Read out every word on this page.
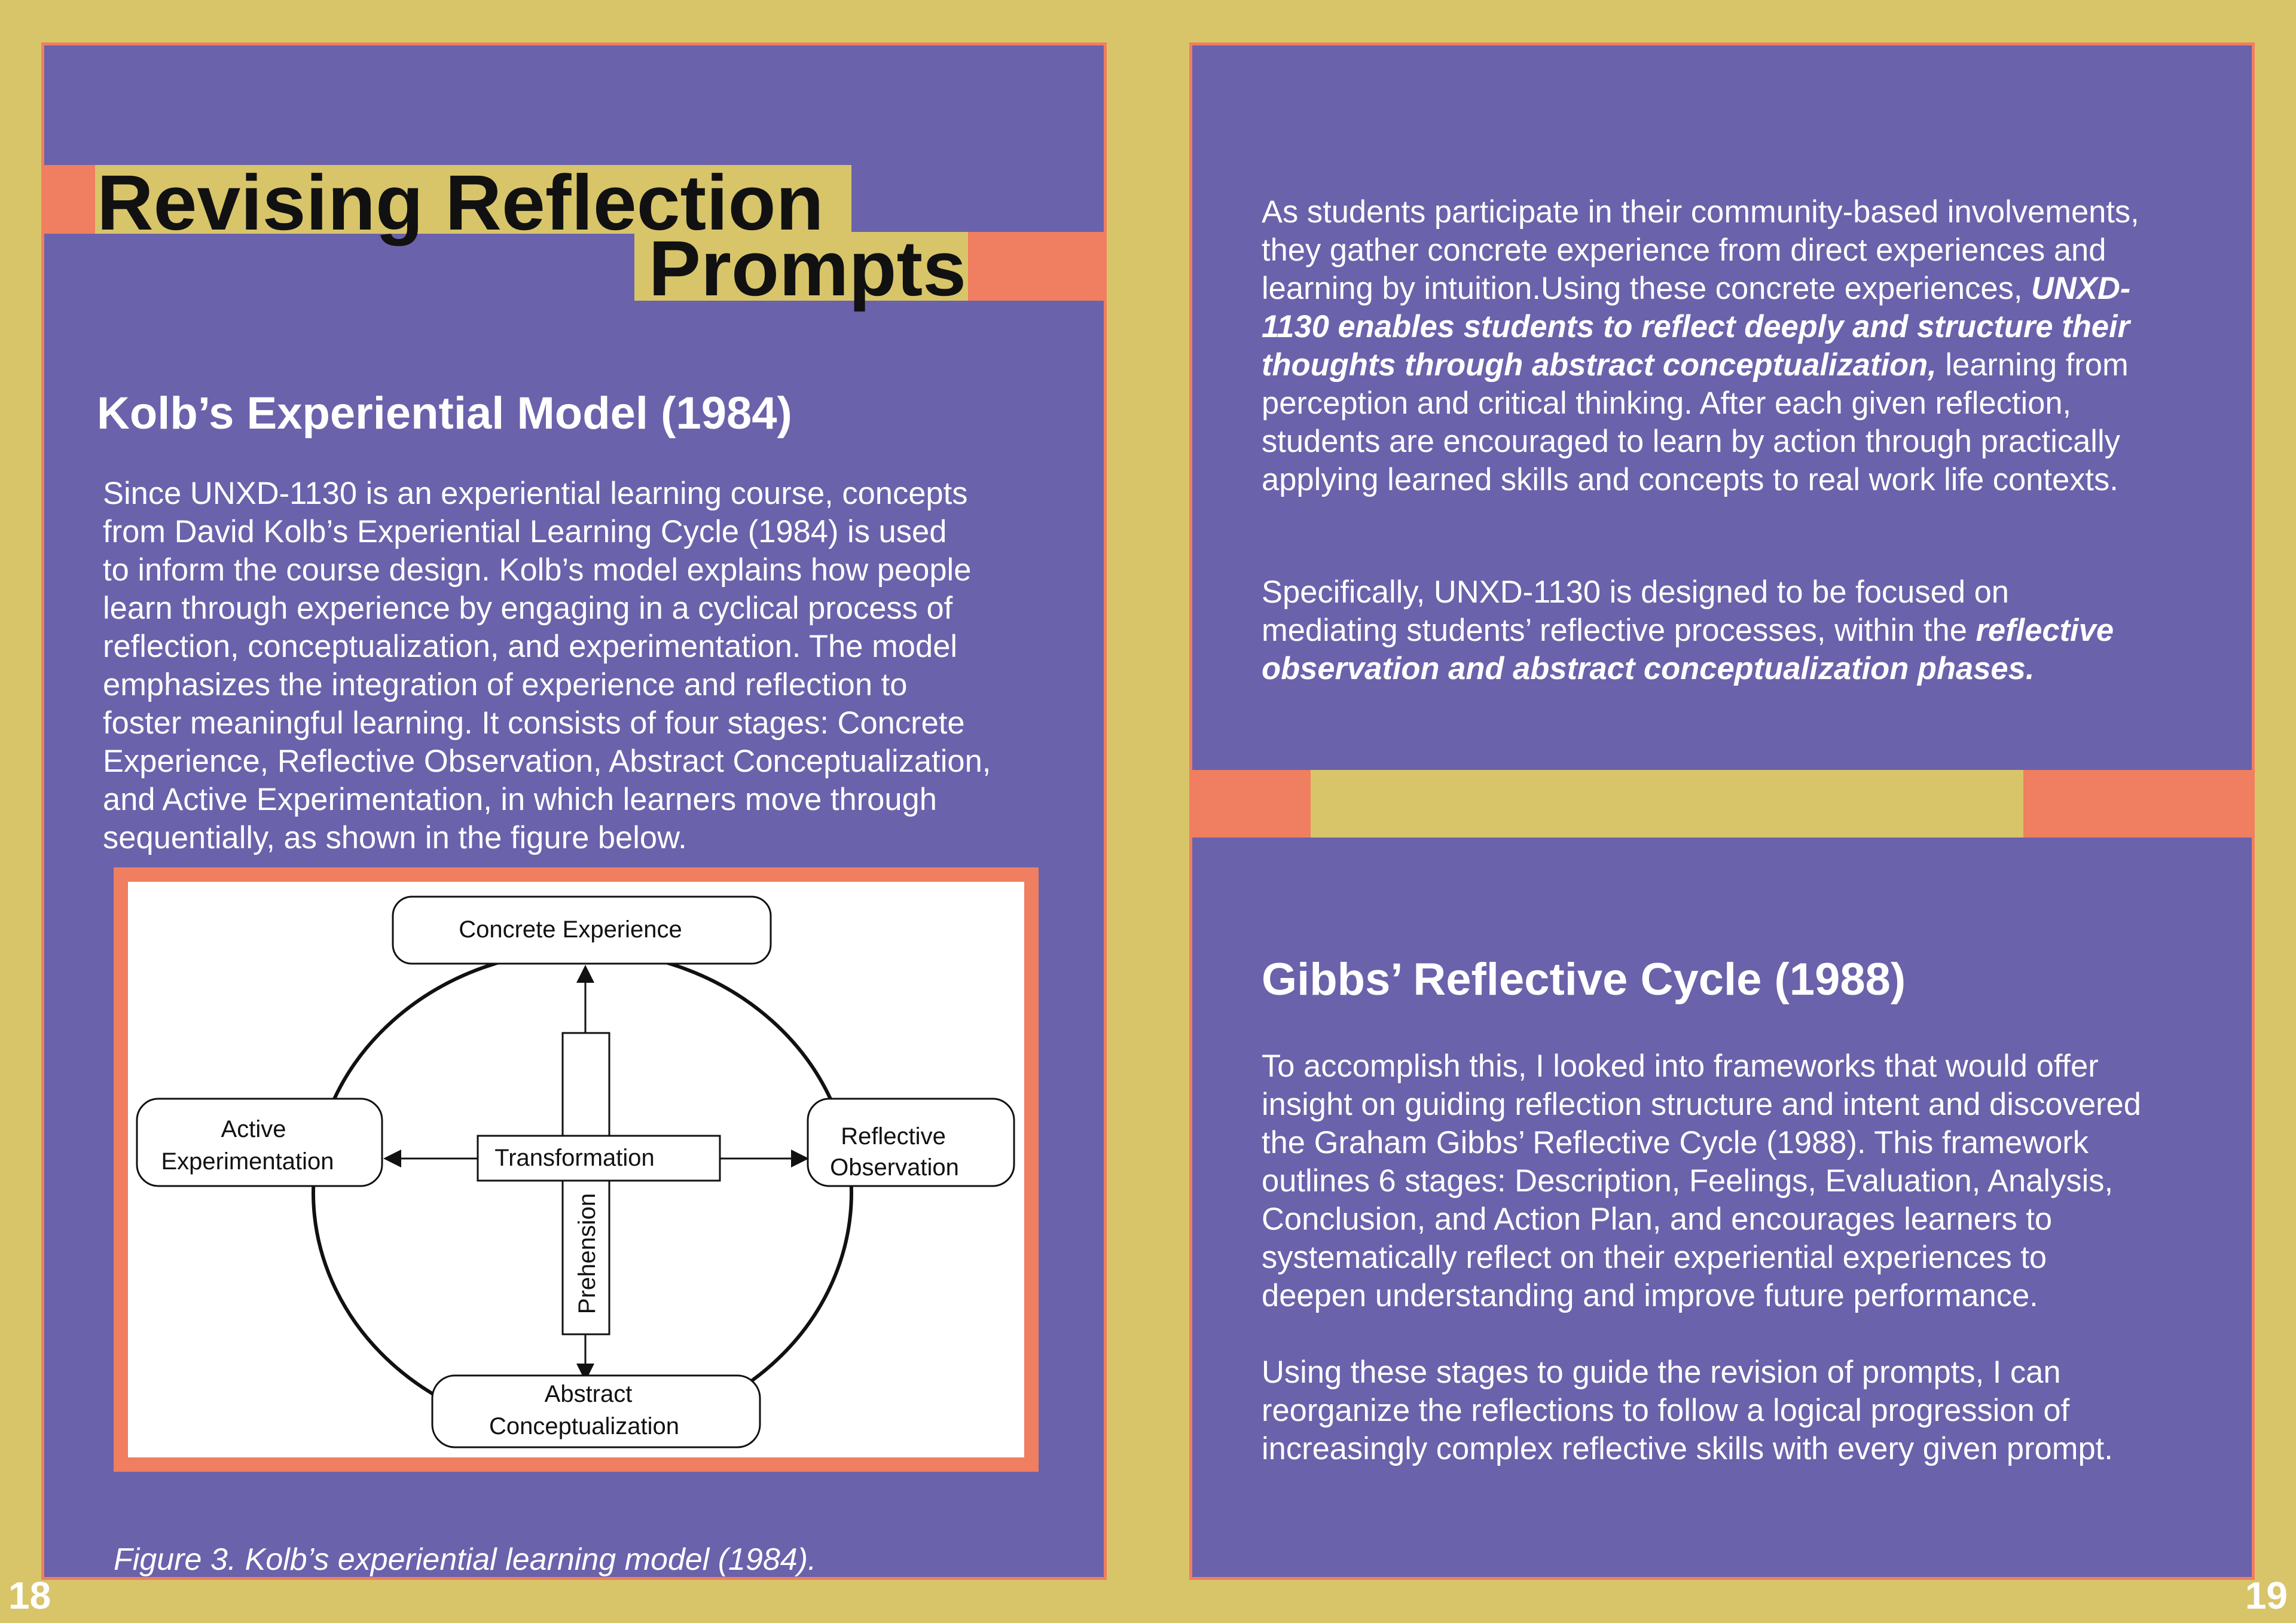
Revising Reflection
Prompts
Kolb’s Experiential Model (1984)

Since UNXD-1130 is an experiential learning course, concepts
from David Kolb’s Experiential Learning Cycle (1984) is used
to inform the course design. Kolb’s model explains how people
learn through experience by engaging in a cyclical process of
reflection, conceptualization, and experimentation. The model
emphasizes the integration of experience and reflection to
foster meaningful learning. It consists of four stages: Concrete
Experience, Reflective Observation, Abstract Conceptualization,
and Active Experimentation, in which learners move through
sequentially, as shown in the figure below.

Concrete Experience
Active
Experimentation
Reflective
Observation
Abstract
Conceptualization
Transformation
Prehension
Figure 3. Kolb’s experiential learning model (1984).

As students participate in their community-based involvements,
they gather concrete experience from direct experiences and
learning by intuition.Using these concrete experiences, UNXD-
1130 enables students to reflect deeply and structure their
thoughts through abstract conceptualization, learning from
perception and critical thinking. After each given reflection,
students are encouraged to learn by action through practically
applying learned skills and concepts to real work life contexts.

Specifically, UNXD-1130 is designed to be focused on
mediating students’ reflective processes, within the reflective
observation and abstract conceptualization phases.

Gibbs’ Reflective Cycle (1988)

To accomplish this, I looked into frameworks that would offer
insight on guiding reflection structure and intent and discovered
the Graham Gibbs’ Reflective Cycle (1988). This framework
outlines 6 stages: Description, Feelings, Evaluation, Analysis,
Conclusion, and Action Plan, and encourages learners to
systematically reflect on their experiential experiences to
deepen understanding and improve future performance.

Using these stages to guide the revision of prompts, I can
reorganize the reflections to follow a logical progression of
increasingly complex reflective skills with every given prompt.

18	19
